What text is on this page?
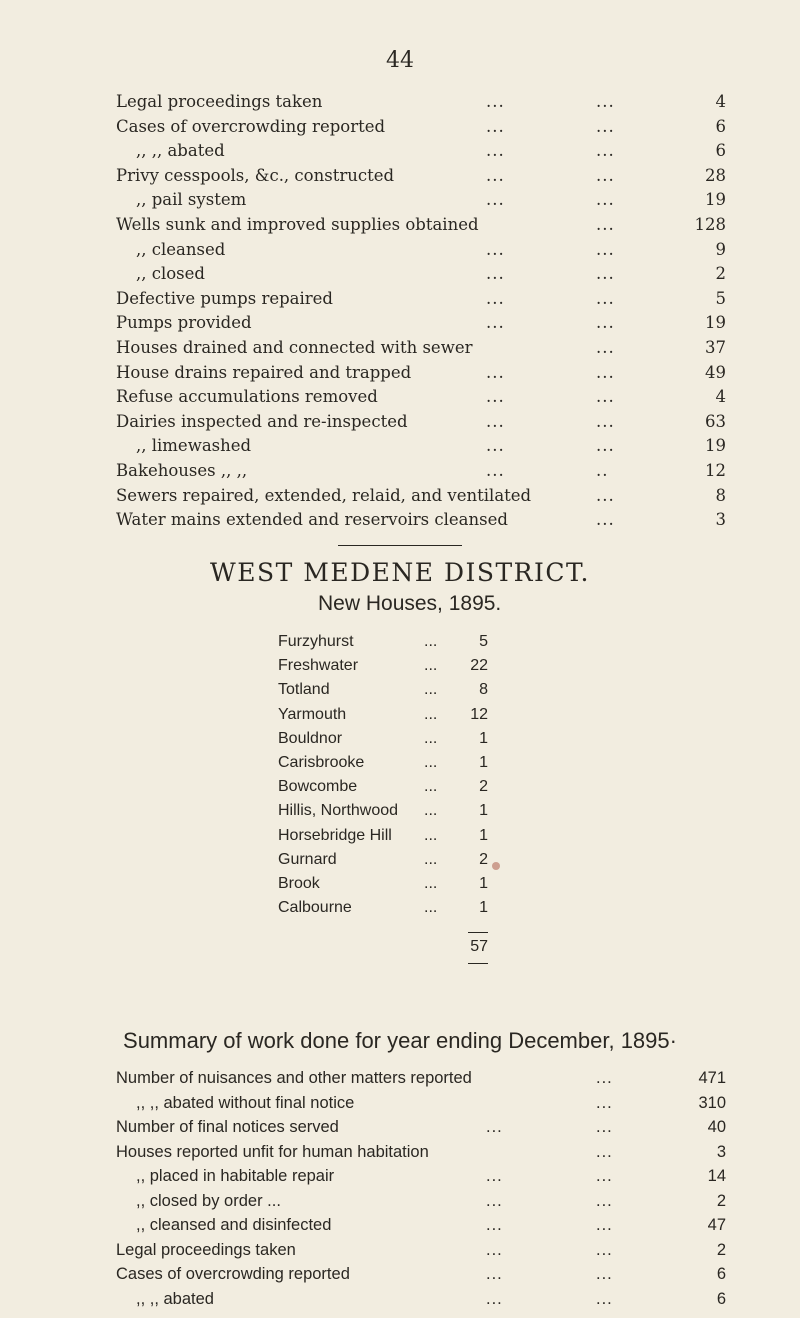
44
Legal proceedings taken	...	...	4
Cases of overcrowding reported	...	...	6
,, ,, abated	...	...	6
Privy cesspools, &c., constructed	...	...	28
,, pail system	...	...	19
Wells sunk and improved supplies obtained	...	128
,, cleansed	...	...	9
,, closed	...	...	2
Defective pumps repaired	...	...	5
Pumps provided	...	...	19
Houses drained and connected with sewer	...	37
House drains repaired and trapped	...	...	49
Refuse accumulations removed	...	...	4
Dairies inspected and re-inspected	...	...	63
,, limewashed	...	...	19
Bakehouses ,, ,,	...	..	12
Sewers repaired, extended, relaid, and ventilated	...	8
Water mains extended and reservoirs cleansed	...	3
WEST MEDENE DISTRICT.
New Houses, 1895.
Furzyhurst	...	5
Freshwater	... 22
Totland	...	8
Yarmouth	... 12
Bouldnor	...	1
Carisbrooke	...	1
Bowcombe	...	2
Hillis, Northwood ...	1
Horsebridge Hill ...	1
Gurnard	...	2
Brook	...	1
Calbourne	...	1
57
Summary of work done for year ending December, 1895·
Number of nuisances and other matters reported	...	471
,, ,, abated without final notice	...	310
Number of final notices served	...	...	40
Houses reported unfit for human habitation	...	3
,, placed in habitable repair	...	...	14
,, closed by order ...	...	...	2
,, cleansed and disinfected	...	...	47
Legal proceedings taken	...	...	2
Cases of overcrowding reported	...	...	6
,, ,, abated	...	...	6
